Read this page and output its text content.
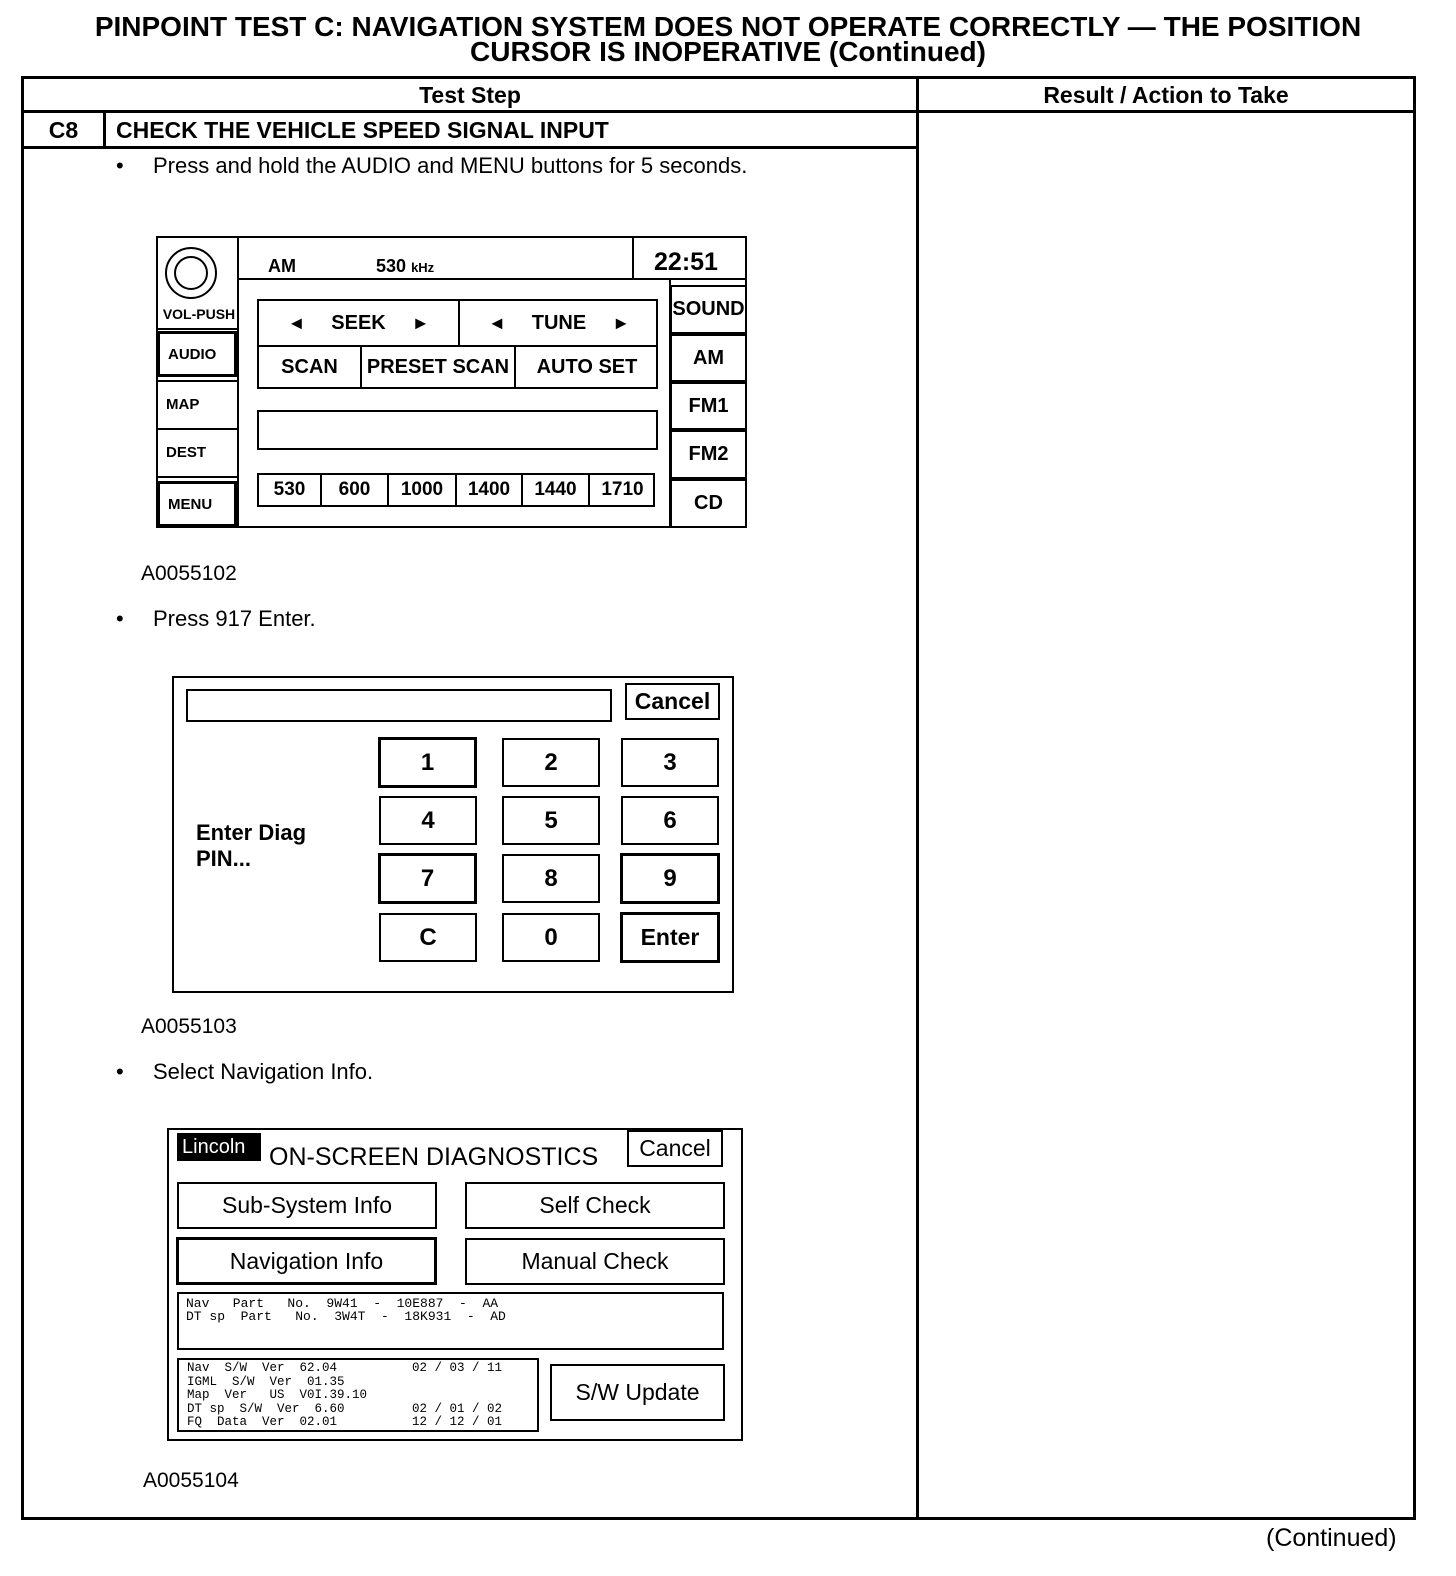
PINPOINT TEST C: NAVIGATION SYSTEM DOES NOT OPERATE CORRECTLY — THE POSITION
CURSOR IS INOPERATIVE (Continued)
Test Step	Result / Action to Take
C8	CHECK THE VEHICLE SPEED SIGNAL INPUT
• Press and hold the AUDIO and MENU buttons for 5 seconds.
• Press 917 Enter.
• Select Navigation Info.
A0055102
A0055103
A0055104
VOL-PUSH
AUDIO
MAP
DEST
MENU
AM	530 kHz	22:51
SOUND
AM
FM1
FM2
CD
◄ SEEK ►	◄ TUNE ►
SCAN	PRESET SCAN	AUTO SET
530	600	1000	1400	1440	1710
Cancel
Enter Diag
PIN...
1	2	3
4	5	6
7	8	9
C	0	Enter
Lincoln ON-SCREEN DIAGNOSTICS	Cancel
Sub-System Info	Self Check
Navigation Info	Manual Check
Nav   Part   No.  9W41  -  10E887  -  AA
DT sp  Part   No.  3W4T  -  18K931  -  AD
Nav  S/W  Ver  62.04          02 / 03 / 11
IGML  S/W  Ver  01.35
Map  Ver   US  V0I.39.10
DT sp  S/W  Ver  6.60         02 / 01 / 02
FQ  Data  Ver  02.01          12 / 12 / 01
S/W Update
(Continued)
